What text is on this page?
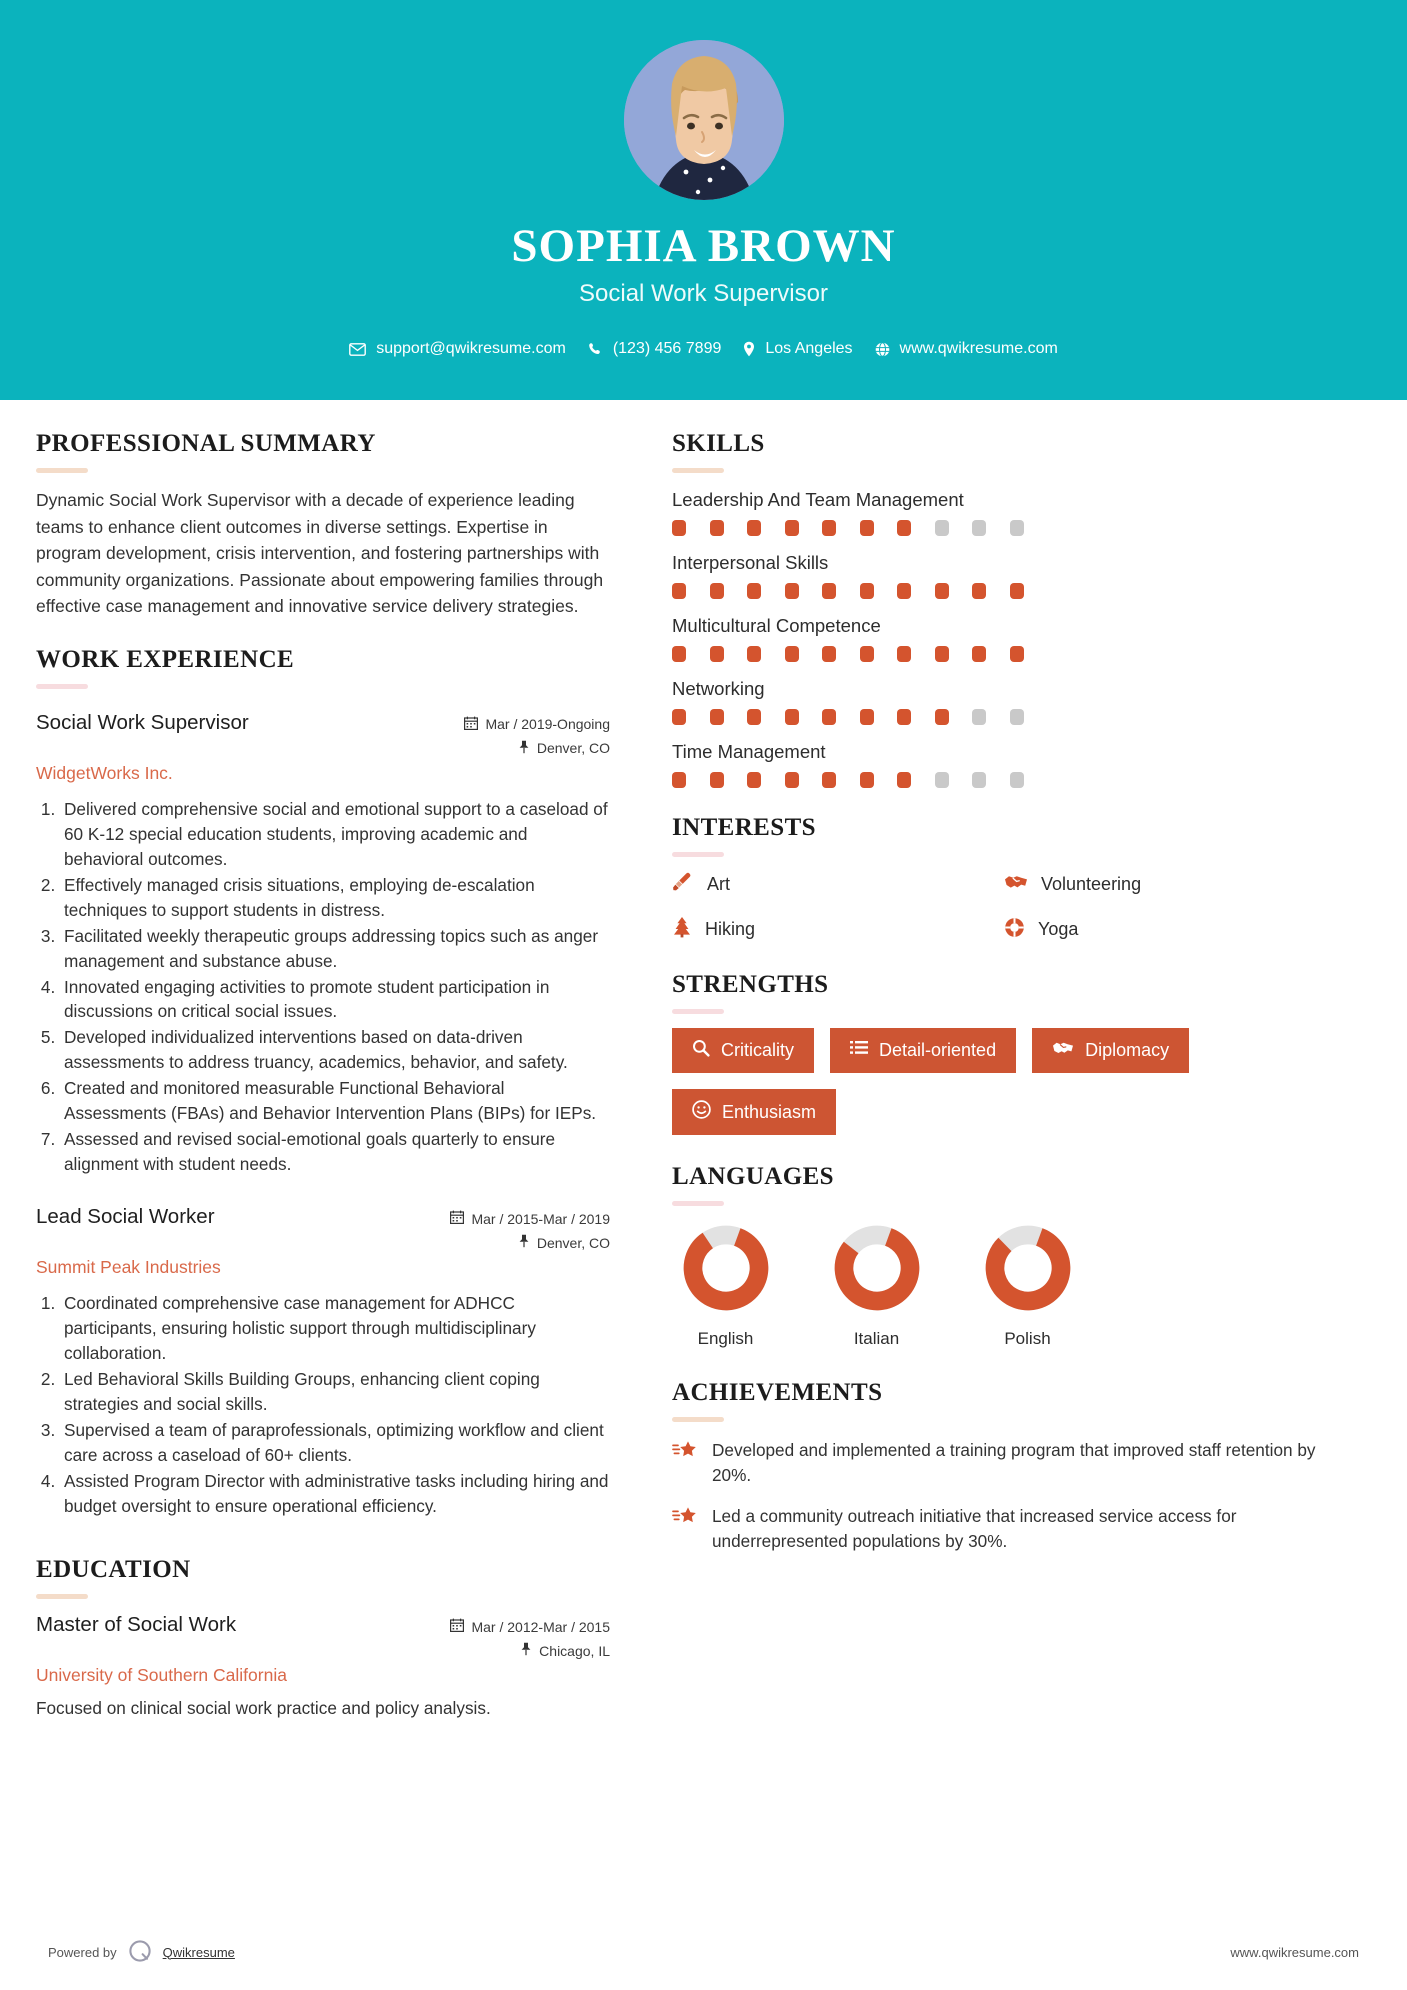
SOPHIA BROWN
Social Work Supervisor
support@qwikresume.com	(123) 456 7899	Los Angeles	www.qwikresume.com
PROFESSIONAL SUMMARY

Dynamic Social Work Supervisor with a decade of experience leading teams to enhance client outcomes in diverse settings. Expertise in program development, crisis intervention, and fostering partnerships with community organizations. Passionate about empowering families through effective case management and innovative service delivery strategies.

WORK EXPERIENCE
Social Work Supervisor	Mar / 2019-Ongoing
Denver, CO
WidgetWorks Inc.
1. Delivered comprehensive social and emotional support to a caseload of 60 K-12 special education students, improving academic and behavioral outcomes.
2. Effectively managed crisis situations, employing de-escalation techniques to support students in distress.
3. Facilitated weekly therapeutic groups addressing topics such as anger management and substance abuse.
4. Innovated engaging activities to promote student participation in discussions on critical social issues.
5. Developed individualized interventions based on data-driven assessments to address truancy, academics, behavior, and safety.
6. Created and monitored measurable Functional Behavioral Assessments (FBAs) and Behavior Intervention Plans (BIPs) for IEPs.
7. Assessed and revised social-emotional goals quarterly to ensure alignment with student needs.
Lead Social Worker	Mar / 2015-Mar / 2019
Denver, CO
Summit Peak Industries
1. Coordinated comprehensive case management for ADHCC participants, ensuring holistic support through multidisciplinary collaboration.
2. Led Behavioral Skills Building Groups, enhancing client coping strategies and social skills.
3. Supervised a team of paraprofessionals, optimizing workflow and client care across a caseload of 60+ clients.
4. Assisted Program Director with administrative tasks including hiring and budget oversight to ensure operational efficiency.
EDUCATION
Master of Social Work	Mar / 2012-Mar / 2015
Chicago, IL
University of Southern California
Focused on clinical social work practice and policy analysis.
SKILLS
Leadership And Team Management
Interpersonal Skills
Multicultural Competence
Networking
Time Management
INTERESTS
Art	Volunteering
Hiking	Yoga
STRENGTHS
Criticality	Detail-oriented	Diplomacy
Enthusiasm
LANGUAGES
English	Italian	Polish
ACHIEVEMENTS
Developed and implemented a training program that improved staff retention by 20%.
Led a community outreach initiative that increased service access for underrepresented populations by 30%.
Powered by	Qwikresume	www.qwikresume.com
